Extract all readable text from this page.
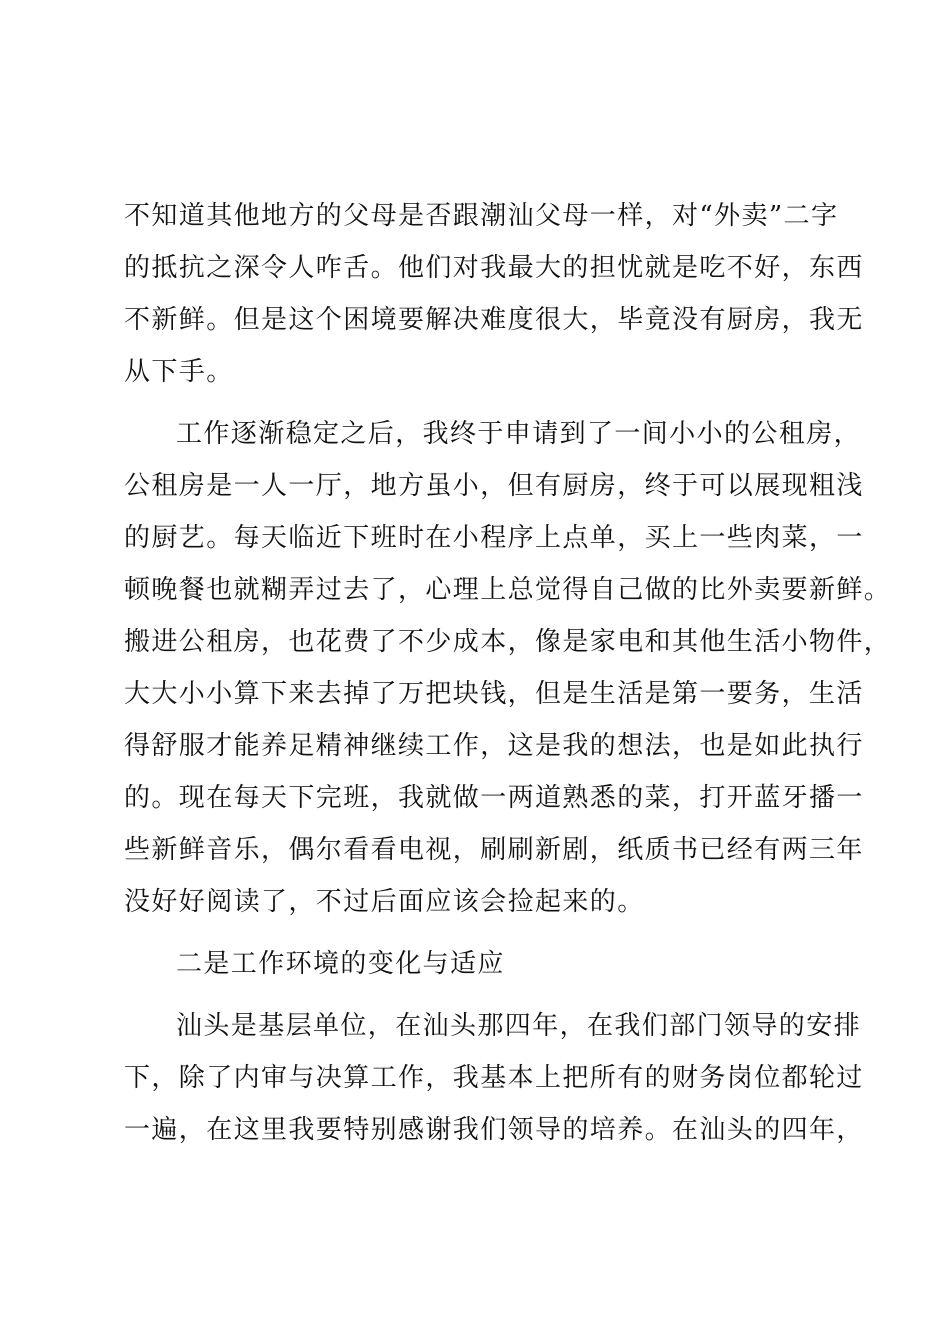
不知道其他地方的父母是否跟潮汕父母一样，对“外卖”二字
的抵抗之深令人咋舌。他们对我最大的担忧就是吃不好，东西
不新鲜。但是这个困境要解决难度很大，毕竟没有厨房，我无
从下手。
工作逐渐稳定之后，我终于申请到了一间小小的公租房，
公租房是一人一厅，地方虽小，但有厨房，终于可以展现粗浅
的厨艺。每天临近下班时在小程序上点单，买上一些肉菜，一
顿晚餐也就糊弄过去了，心理上总觉得自己做的比外卖要新鲜。
搬进公租房，也花费了不少成本，像是家电和其他生活小物件，
大大小小算下来去掉了万把块钱，但是生活是第一要务，生活
得舒服才能养足精神继续工作，这是我的想法，也是如此执行
的。现在每天下完班，我就做一两道熟悉的菜，打开蓝牙播一
些新鲜音乐，偶尔看看电视，刷刷新剧，纸质书已经有两三年
没好好阅读了，不过后面应该会捡起来的。
二是工作环境的变化与适应
汕头是基层单位，在汕头那四年，在我们部门领导的安排
下，除了内审与决算工作，我基本上把所有的财务岗位都轮过
一遍，在这里我要特别感谢我们领导的培养。在汕头的四年，
